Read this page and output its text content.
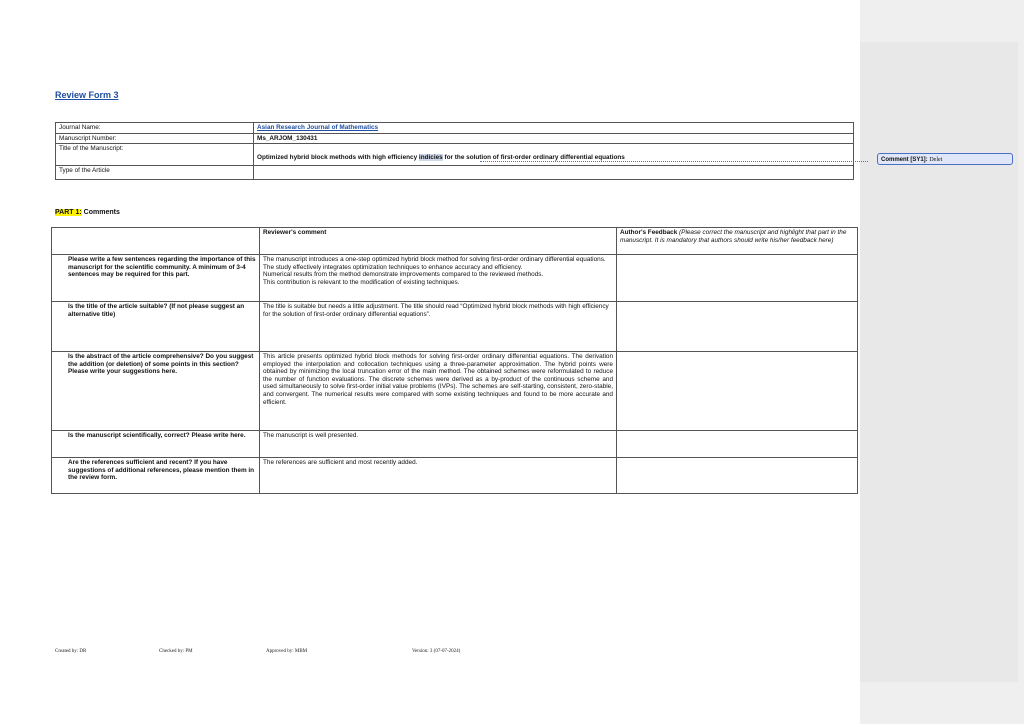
Review Form 3
Journal Name:	Asian Research Journal of Mathematics
Manuscript Number:	Ms_ARJOM_130431
Title of the Manuscript:	Optimized hybrid block methods with high efficiency indicies for the solution of first-order ordinary differential equations
Type of the Article	
PART 1: Comments
	Reviewer's comment	Author's Feedback (Please correct the manuscript and highlight that part in the manuscript. It is mandatory that authors should write his/her feedback here)
Please write a few sentences regarding the importance of this manuscript for the scientific community. A minimum of 3-4 sentences may be required for this part.	The manuscript introduces a one-step optimized hybrid block method for solving first-order ordinary differential equations.
The study effectively integrates optimization techniques to enhance accuracy and efficiency.
Numerical results from the method demonstrate improvements compared to the reviewed methods.
This contribution is relevant to the modification of existing techniques.	

Is the title of the article suitable? (If not please suggest an alternative title)	The title is suitable but needs a little adjustment. The title should read “Optimized hybrid block methods with high efficiency for the solution of first-order ordinary differential equations”.	
Is the abstract of the article comprehensive? Do you suggest the addition (or deletion) of some points in this section? Please write your suggestions here.	This article presents optimized hybrid block methods for solving first-order ordinary differential equations. The derivation employed the interpolation and collocation techniques using a three-parameter approximation. The hybrid points were obtained by minimizing the local truncation error of the main method. The obtained schemes were reformulated to reduce the number of function evaluations. The discrete schemes were derived as a by-product of the continuous scheme and used simultaneously to solve first-order initial value problems (IVPs). The schemes are self-starting, consistent, zero-stable, and convergent. The numerical results were compared with some existing techniques and found to be more accurate and efficient.	
Is the manuscript scientifically, correct? Please write here.	The manuscript is well presented.	
Are the references sufficient and recent? If you have suggestions of additional references, please mention them in the review form.	The references are sufficient and most recently added.	
Comment [SY1]: Delet
Created by: DR	Checked by: PM	Approved by: MBM	Version: 3 (07-07-2024)
